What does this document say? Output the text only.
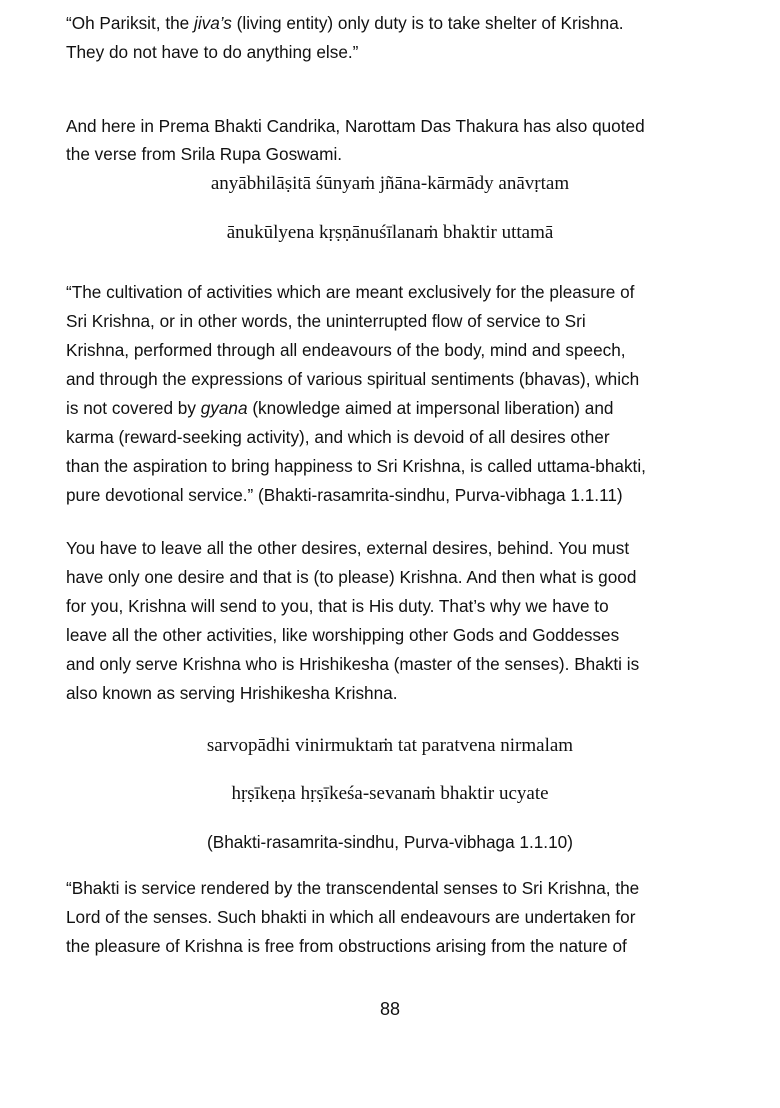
“Oh Pariksit, the jiva’s (living entity) only duty is to take shelter of Krishna.
They do not have to do anything else.”
And here in Prema Bhakti Candrika, Narottam Das Thakura has also quoted
the verse from Srila Rupa Goswami.
anyābhilāṣitā śūnyaṁ jñāna-kārmādy anāvṛtam
ānukūlyena kṛṣṇānuśīlanaṁ bhaktir uttamā
“The cultivation of activities which are meant exclusively for the pleasure of
Sri Krishna, or in other words, the uninterrupted flow of service to Sri
Krishna, performed through all endeavours of the body, mind and speech,
and through the expressions of various spiritual sentiments (bhavas), which
is not covered by gyana (knowledge aimed at impersonal liberation) and
karma (reward-seeking activity), and which is devoid of all desires other
than the aspiration to bring happiness to Sri Krishna, is called uttama-bhakti,
pure devotional service.” (Bhakti-rasamrita-sindhu, Purva-vibhaga 1.1.11)
You have to leave all the other desires, external desires, behind. You must
have only one desire and that is (to please) Krishna. And then what is good
for you, Krishna will send to you, that is His duty. That’s why we have to
leave all the other activities, like worshipping other Gods and Goddesses
and only serve Krishna who is Hrishikesha (master of the senses). Bhakti is
also known as serving Hrishikesha Krishna.
sarvopādhi vinirmuktaṁ tat paratvena nirmalam
hṛṣīkeṇa hṛṣīkeśa-sevanaṁ bhaktir ucyate
(Bhakti-rasamrita-sindhu, Purva-vibhaga 1.1.10)
“Bhakti is service rendered by the transcendental senses to Sri Krishna, the
Lord of the senses. Such bhakti in which all endeavours are undertaken for
the pleasure of Krishna is free from obstructions arising from the nature of
88
